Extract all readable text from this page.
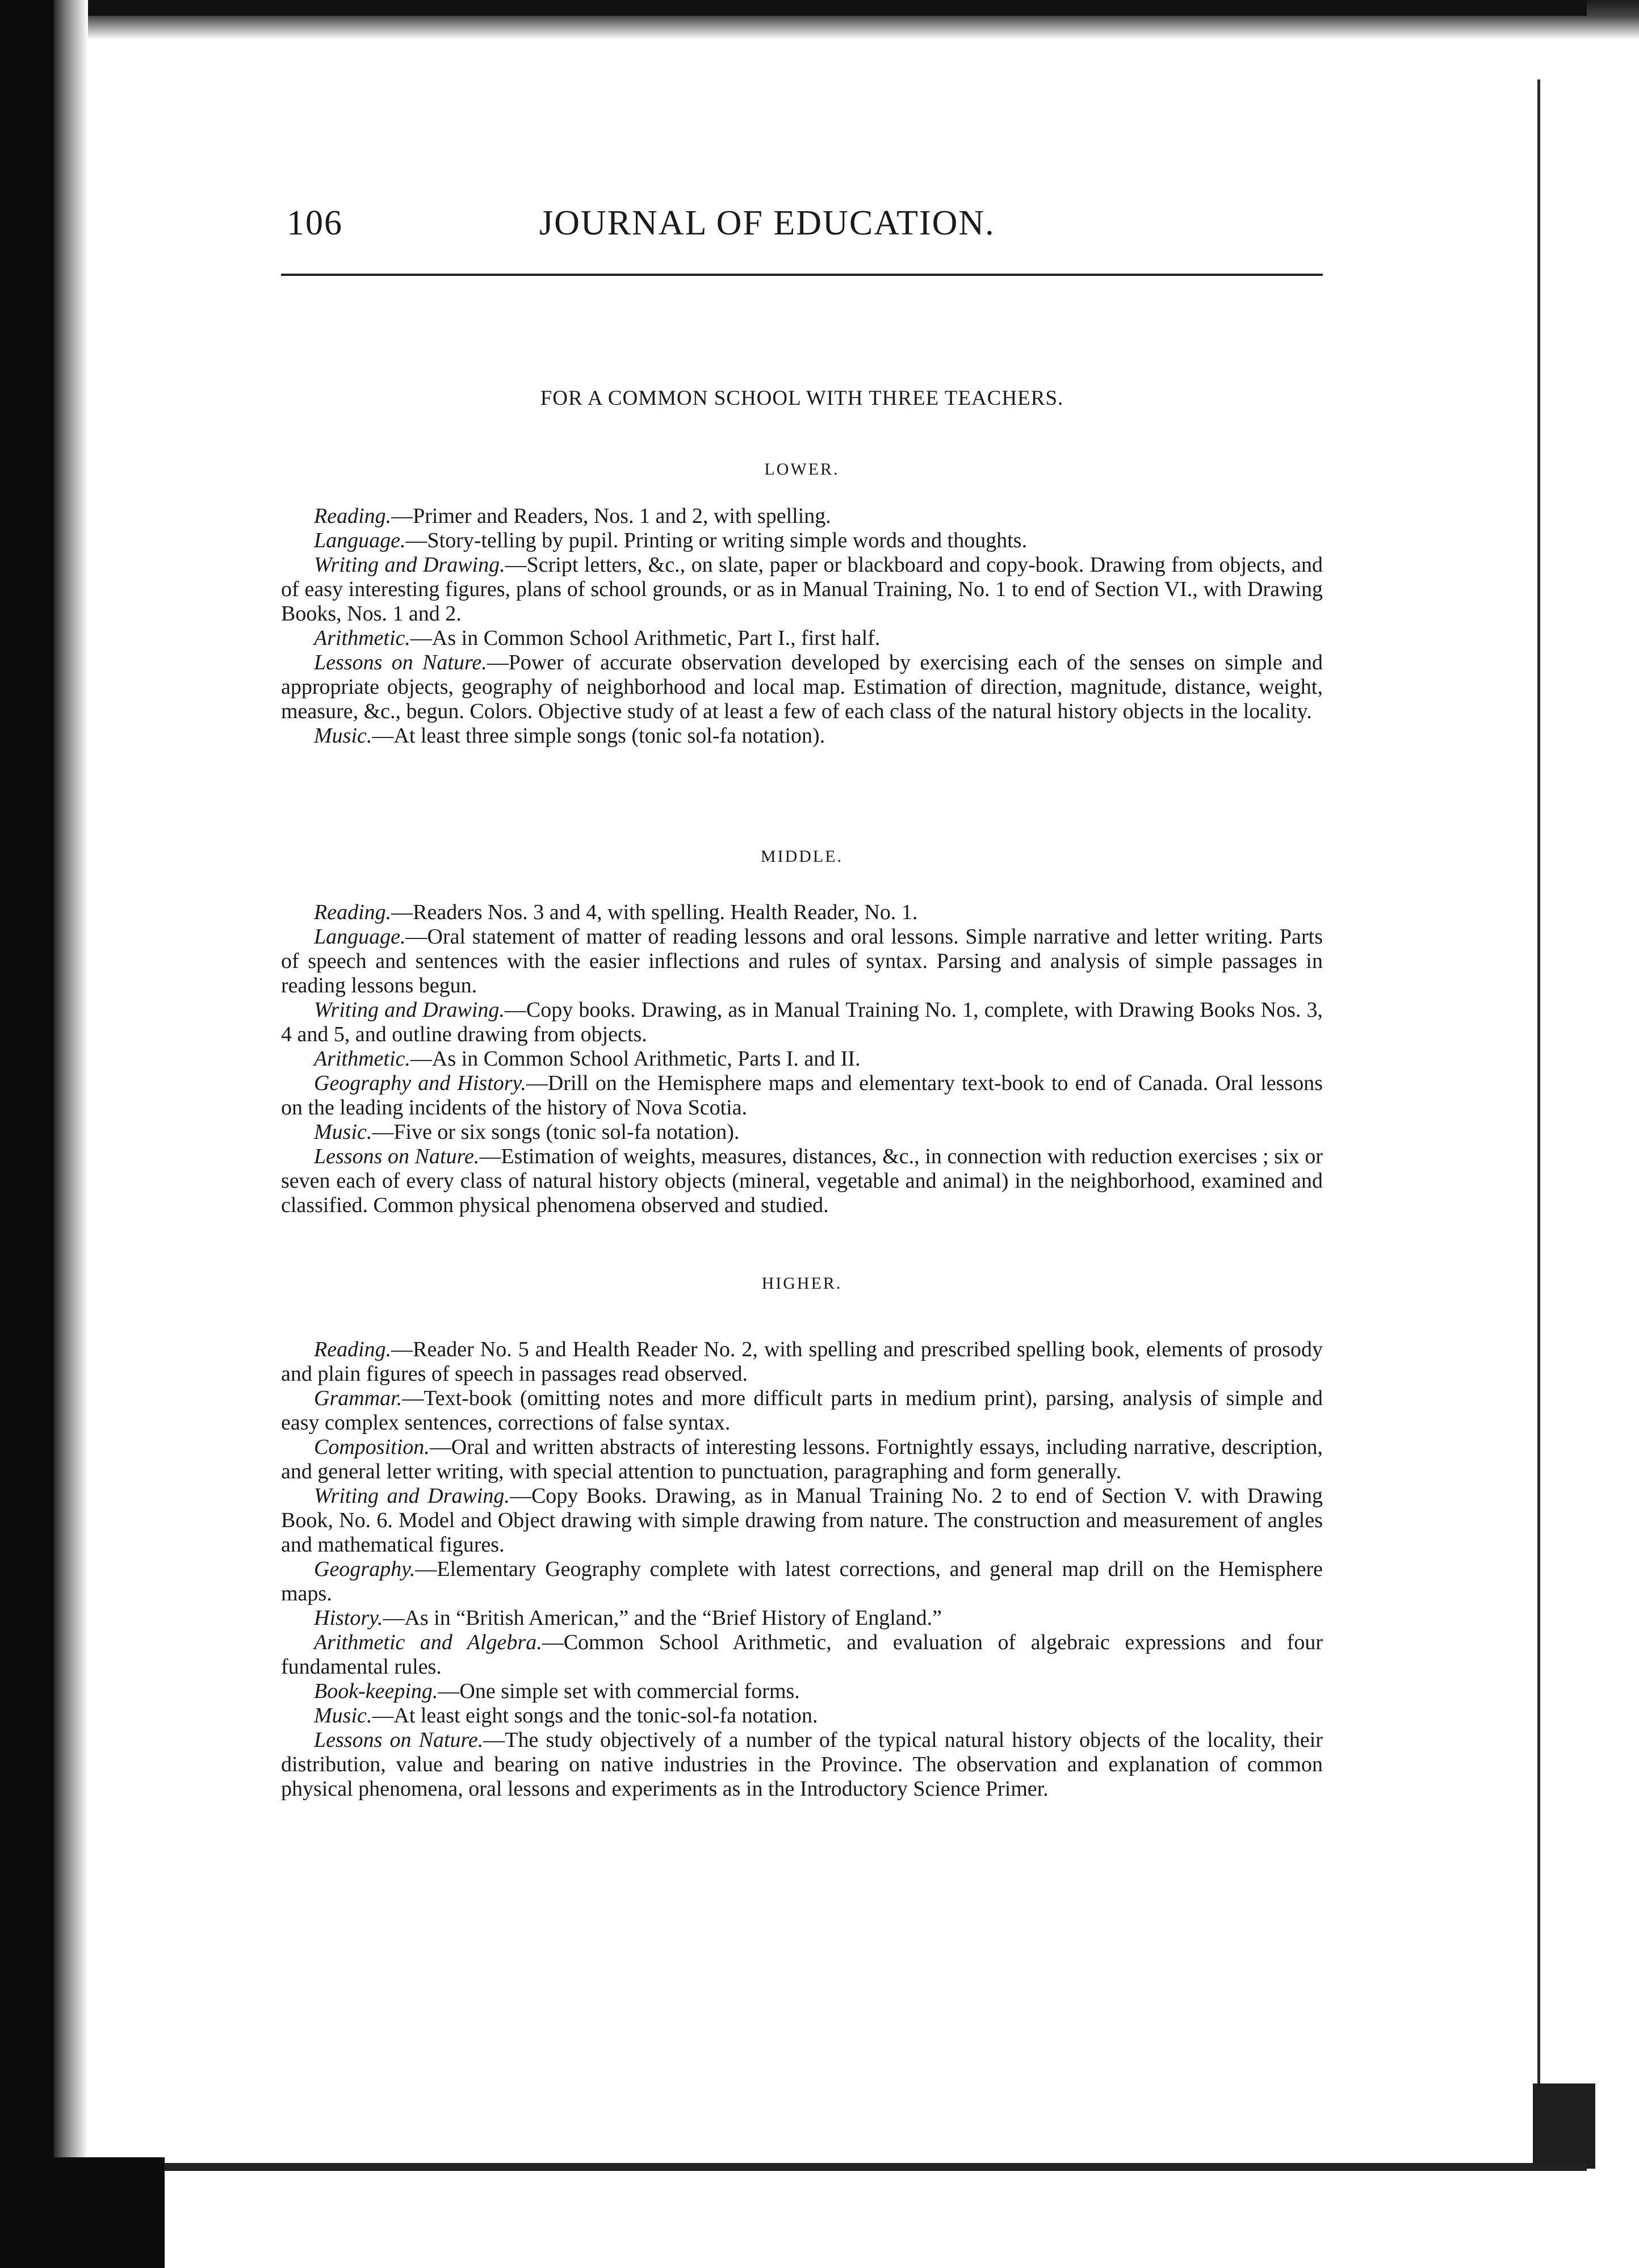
106	JOURNAL OF EDUCATION.
FOR A COMMON SCHOOL WITH THREE TEACHERS.
LOWER.

Reading.—Primer and Readers, Nos. 1 and 2, with spelling.

Language.—Story-telling by pupil. Printing or writing simple words and thoughts.

Writing and Drawing.—Script letters, &c., on slate, paper or blackboard and copy-book. Drawing from objects, and of easy interesting figures, plans of school grounds, or as in Manual Training, No. 1 to end of Section VI., with Drawing Books, Nos. 1 and 2.

Arithmetic.—As in Common School Arithmetic, Part I., first half.

Lessons on Nature.—Power of accurate observation developed by exercising each of the senses on simple and appropriate objects, geography of neighborhood and local map. Estimation of direction, magnitude, distance, weight, measure, &c., begun. Colors. Objective study of at least a few of each class of the natural history objects in the locality.

Music.—At least three simple songs (tonic sol-fa notation).

MIDDLE.

Reading.—Readers Nos. 3 and 4, with spelling. Health Reader, No. 1.

Language.—Oral statement of matter of reading lessons and oral lessons. Simple narrative and letter writing. Parts of speech and sentences with the easier inflections and rules of syntax. Parsing and analysis of simple passages in reading lessons begun.

Writing and Drawing.—Copy books. Drawing, as in Manual Training No. 1, complete, with Drawing Books Nos. 3, 4 and 5, and outline drawing from objects.

Arithmetic.—As in Common School Arithmetic, Parts I. and II.

Geography and History.—Drill on the Hemisphere maps and elementary text-book to end of Canada. Oral lessons on the leading incidents of the history of Nova Scotia.

Music.—Five or six songs (tonic sol-fa notation).

Lessons on Nature.—Estimation of weights, measures, distances, &c., in connection with reduction exercises ; six or seven each of every class of natural history objects (mineral, vegetable and animal) in the neighborhood, examined and classified. Common physical phenomena observed and studied.

HIGHER.

Reading.—Reader No. 5 and Health Reader No. 2, with spelling and prescribed spelling book, elements of prosody and plain figures of speech in passages read observed.

Grammar.—Text-book (omitting notes and more difficult parts in medium print), parsing, analysis of simple and easy complex sentences, corrections of false syntax.

Composition.—Oral and written abstracts of interesting lessons. Fortnightly essays, including narrative, description, and general letter writing, with special attention to punctuation, paragraphing and form generally.

Writing and Drawing.—Copy Books. Drawing, as in Manual Training No. 2 to end of Section V. with Drawing Book, No. 6. Model and Object drawing with simple drawing from nature. The construction and measurement of angles and mathematical figures.

Geography.—Elementary Geography complete with latest corrections, and general map drill on the Hemisphere maps.

History.—As in “British American,” and the “Brief History of England.”

Arithmetic and Algebra.—Common School Arithmetic, and evaluation of algebraic expressions and four fundamental rules.

Book-keeping.—One simple set with commercial forms.

Music.—At least eight songs and the tonic-sol-fa notation.

Lessons on Nature.—The study objectively of a number of the typical natural history objects of the locality, their distribution, value and bearing on native industries in the Province. The observation and explanation of common physical phenomena, oral lessons and experiments as in the Introductory Science Primer.
